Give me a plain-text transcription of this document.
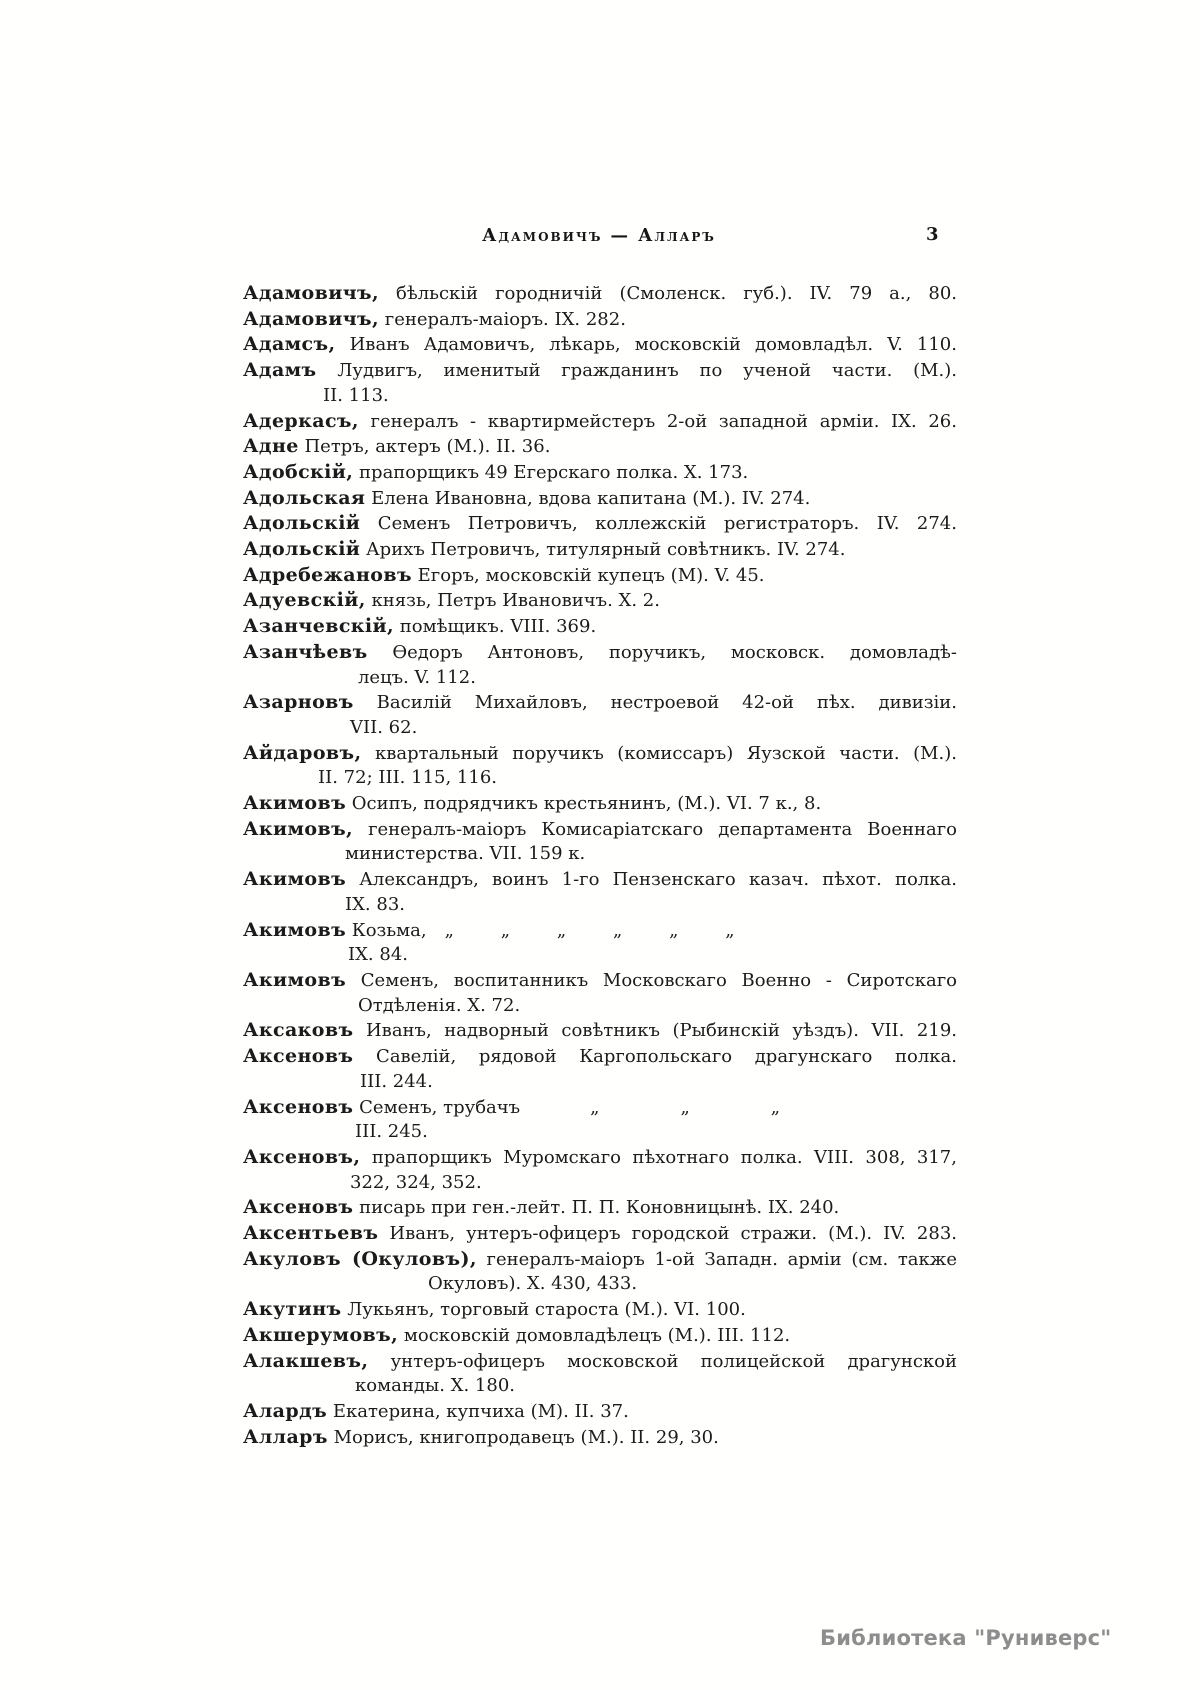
Адамовичъ — Алларъ	3
Адамовичъ, бѣльскій городничій (Смоленск. губ.). IV. 79 а., 80.
Адамовичъ, генералъ-маіоръ. IX. 282.
Адамсъ, Иванъ Адамовичъ, лѣкарь, московскій домовладѣл. V. 110.
Адамъ Лудвигъ, именитый гражданинъ по ученой части. (М.).
II. 113.
Адеркасъ, генералъ - квартирмейстеръ 2-ой западной арміи. IX. 26.
Адне Петръ, актеръ (М.). II. 36.
Адобскій, прапорщикъ 49 Егерскаго полка. X. 173.
Адольская Елена Ивановна, вдова капитана (М.). IV. 274.
Адольскій Семенъ Петровичъ, коллежскій регистраторъ. IV. 274.
Адольскій Арихъ Петровичъ, титулярный совѣтникъ. IV. 274.
Адребежановъ Егоръ, московскій купецъ (М). V. 45.
Адуевскій, князь, Петръ Ивановичъ. X. 2.
Азанчевскій, помѣщикъ. VIII. 369.
Азанчѣевъ Ѳедоръ Антоновъ, поручикъ, московск. домовладѣ-
лецъ. V. 112.
Азарновъ Василій Михайловъ, нестроевой 42-ой пѣх. дивизіи.
VII. 62.
Айдаровъ, квартальный поручикъ (комиссаръ) Яузской части. (М.).
II. 72; III. 115, 116.
Акимовъ Осипъ, подрядчикъ крестьянинъ, (М.). VI. 7 к., 8.
Акимовъ, генералъ-маіоръ Комисаріатскаго департамента Военнаго
министерства. VII. 159 к.
Акимовъ Александръ, воинъ 1-го Пензенскаго казач. пѣхот. полка.
IX. 83.
Акимовъ Козьма, „	„	„	„	„	„
IX. 84.
Акимовъ Семенъ, воспитанникъ Московскаго Военно - Сиротскаго
Отдѣленія. X. 72.
Аксаковъ Иванъ, надворный совѣтникъ (Рыбинскій уѣздъ). VII. 219.
Аксеновъ Савелій, рядовой Каргопольскаго драгунскаго полка.
III. 244.
Аксеновъ Семенъ, трубачъ	„	„	„
III. 245.
Аксеновъ, прапорщикъ Муромскаго пѣхотнаго полка. VIII. 308, 317,
322, 324, 352.
Аксеновъ писарь при ген.-лейт. П. П. Коновницынѣ. IX. 240.
Аксентьевъ Иванъ, унтеръ-офицеръ городской стражи. (М.). IV. 283.
Акуловъ (Окуловъ), генералъ-маіоръ 1-ой Западн. арміи (см. также
Окуловъ). X. 430, 433.
Акутинъ Лукьянъ, торговый староста (М.). VI. 100.
Акшерумовъ, московскій домовладѣлецъ (М.). III. 112.
Алакшевъ, унтеръ-офицеръ московской полицейской драгунской
команды. X. 180.
Алардъ Екатерина, купчиха (М). II. 37.
Алларъ Морисъ, книгопродавецъ (М.). II. 29, 30.
Библиотека "Руниверс"
